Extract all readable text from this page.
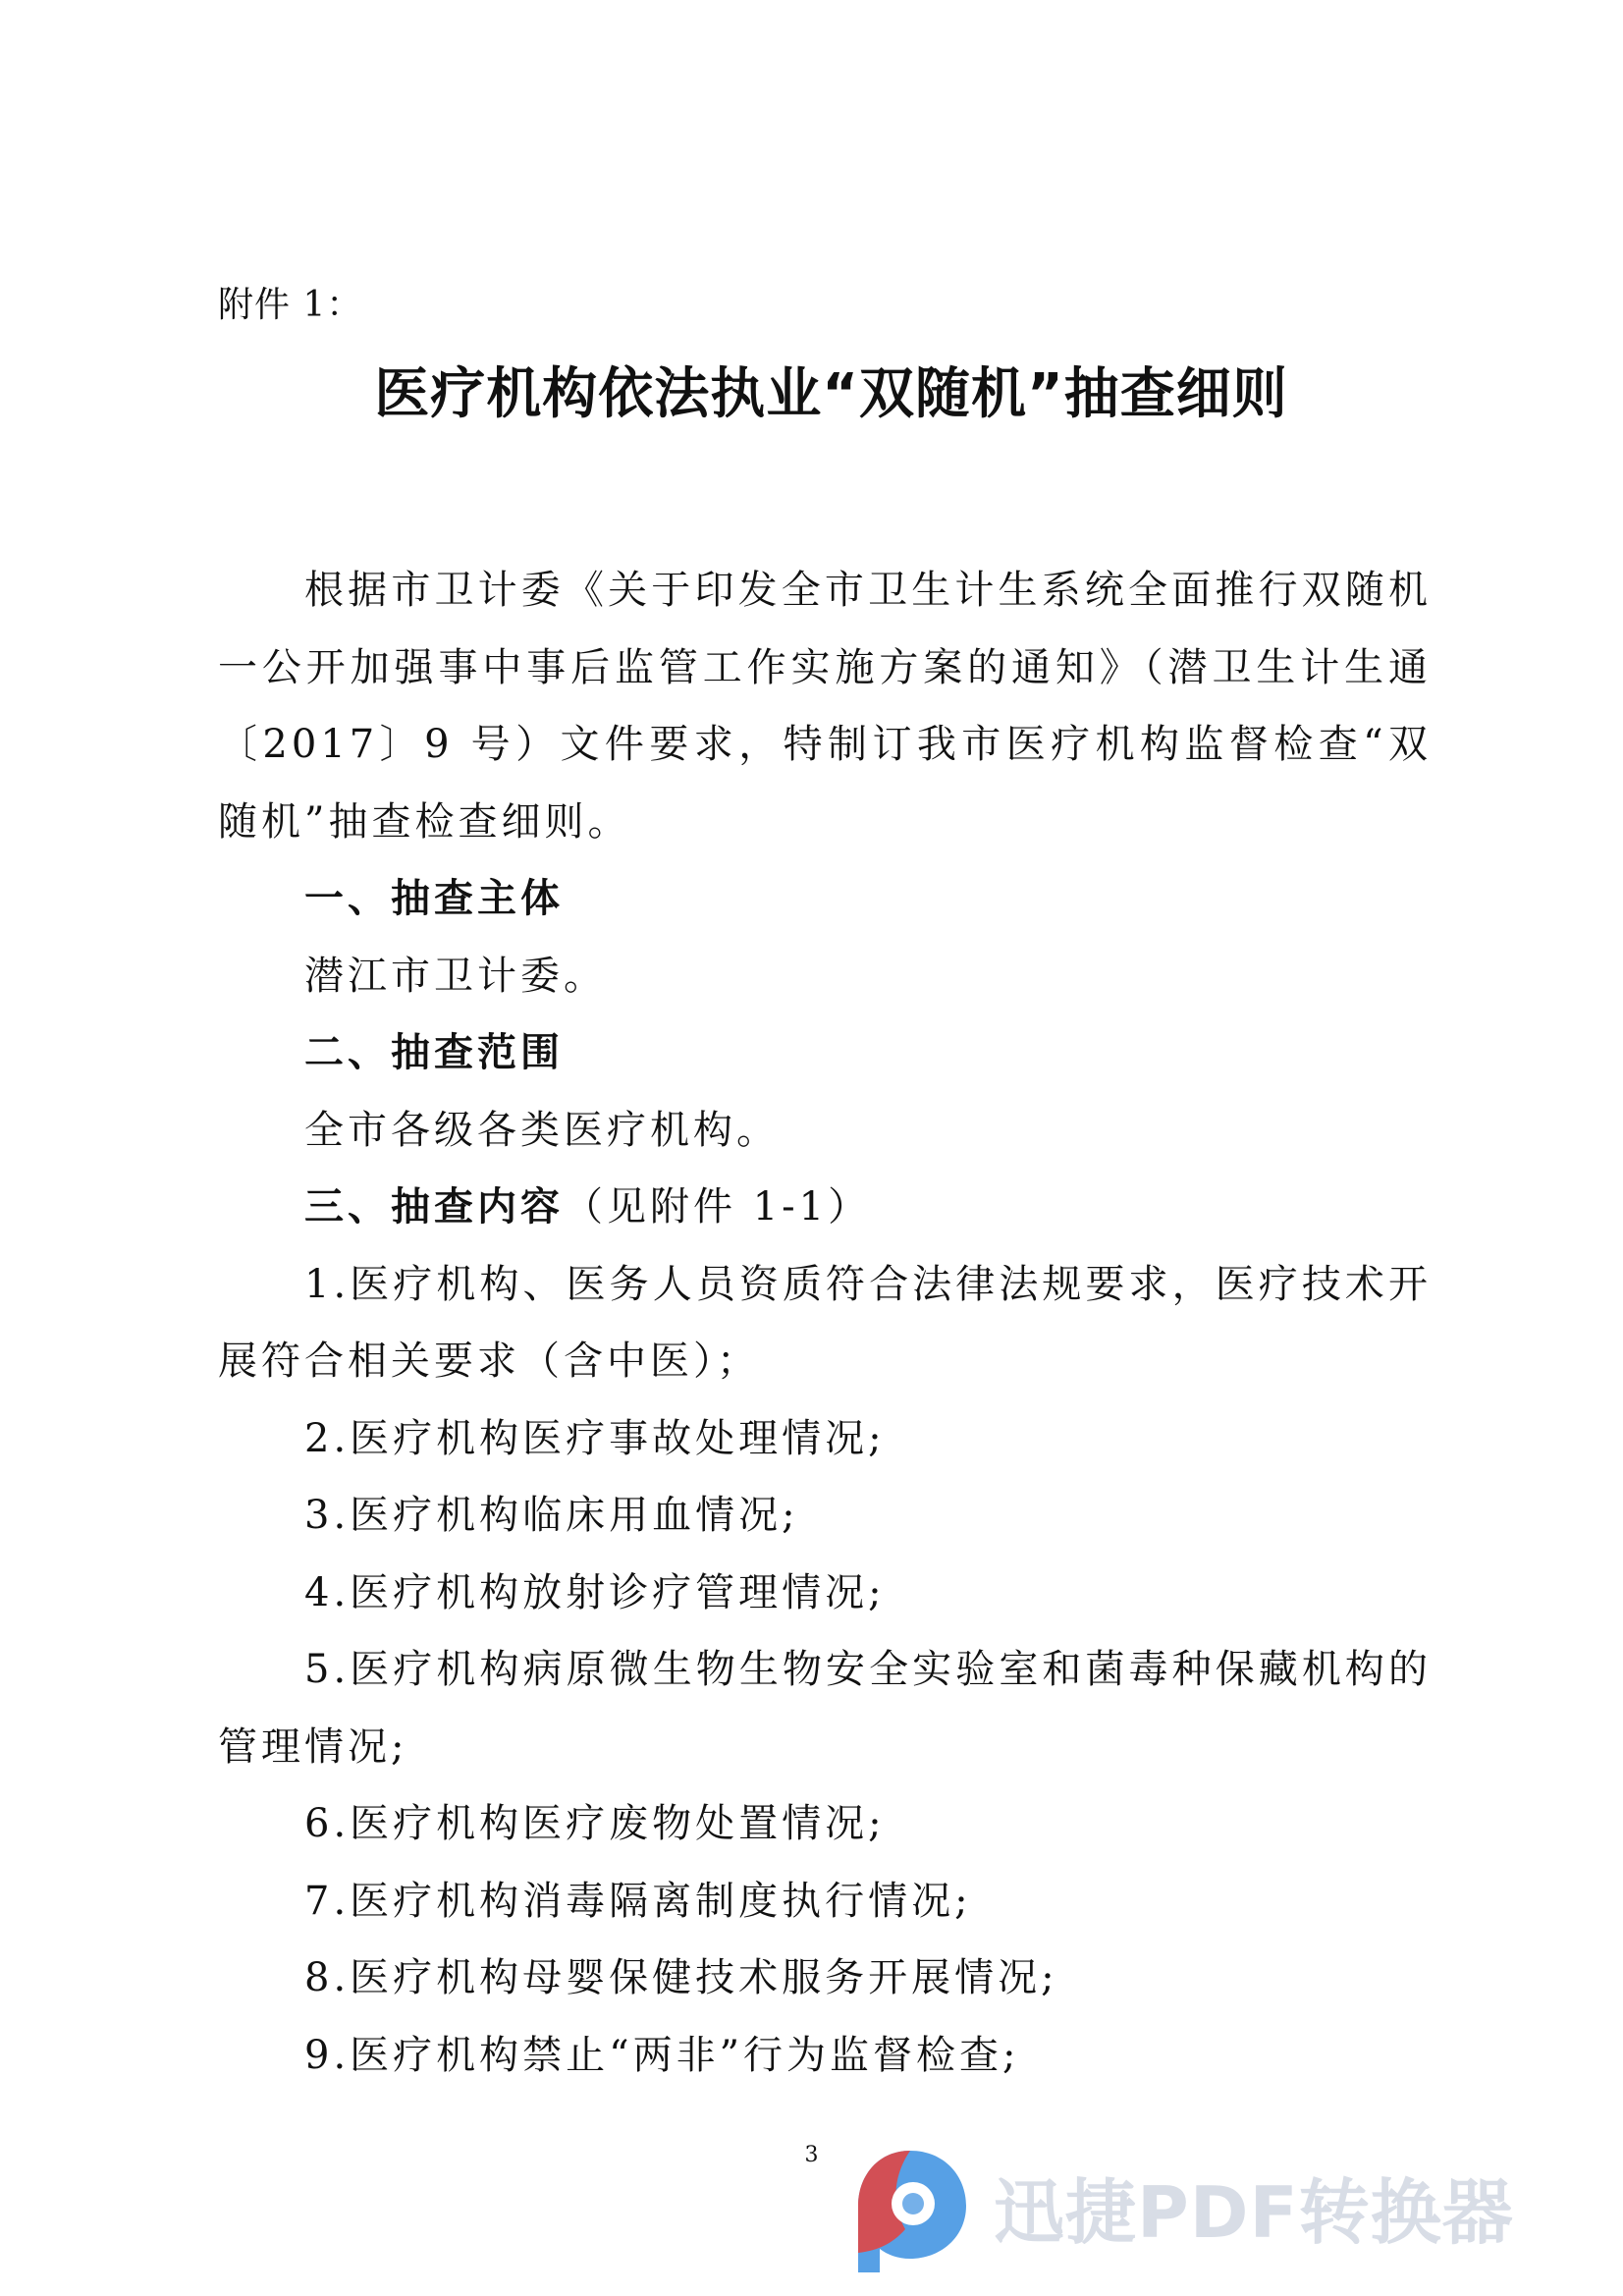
附件 1：
医疗机构依法执业“双随机”抽查细则

根据市卫计委《关于印发全市卫生计生系统全面推行双随机一公开加强事中事后监管工作实施方案的通知》（潜卫生计生通〔2017〕9 号）文件要求，特制订我市医疗机构监督检查“双随机”抽查检查细则。

一、抽查主体

潜江市卫计委。

二、抽查范围

全市各级各类医疗机构。

三、抽查内容（见附件 1-1）

1.医疗机构、医务人员资质符合法律法规要求，医疗技术开展符合相关要求（含中医）；

2.医疗机构医疗事故处理情况;

3.医疗机构临床用血情况;

4.医疗机构放射诊疗管理情况;

5.医疗机构病原微生物生物安全实验室和菌毒种保藏机构的管理情况;

6.医疗机构医疗废物处置情况;

7.医疗机构消毒隔离制度执行情况;

8.医疗机构母婴保健技术服务开展情况;

9.医疗机构禁止“两非”行为监督检查;

3
迅捷PDF转换器
